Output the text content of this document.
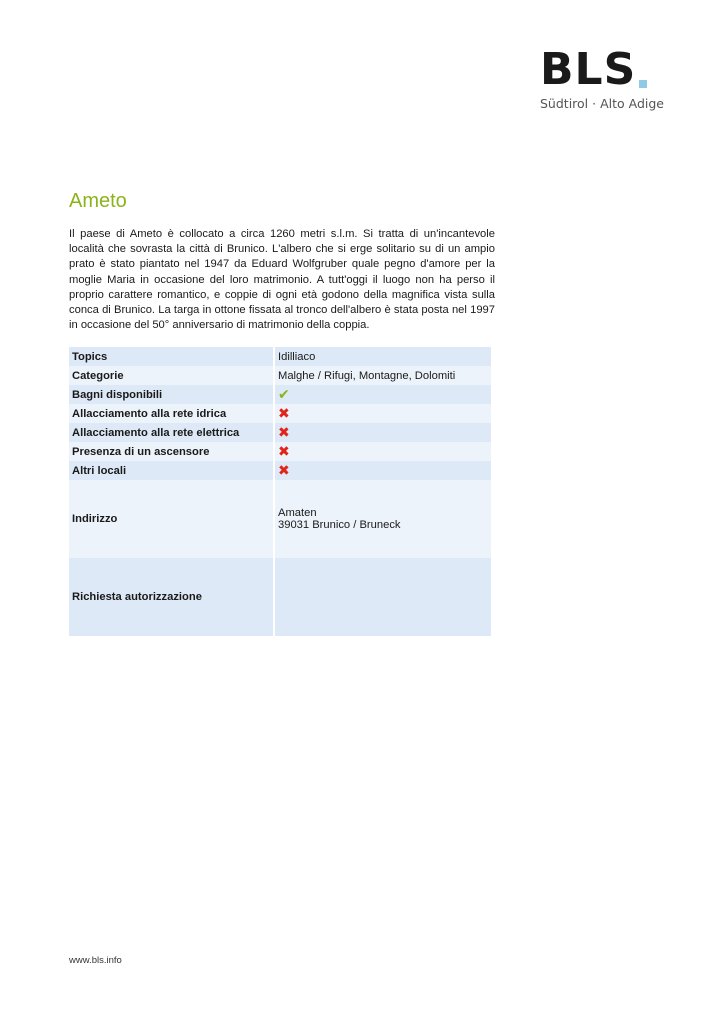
BLS
Südtirol · Alto Adige
Ameto

Il paese di Ameto è collocato a circa 1260 metri s.l.m. Si tratta di un'incantevole località che sovrasta la città di Brunico. L'albero che si erge solitario su di un ampio prato è stato piantato nel 1947 da Eduard Wolfgruber quale pegno d'amore per la moglie Maria in occasione del loro matrimonio. A tutt'oggi il luogo non ha perso il proprio carattere romantico, e coppie di ogni età godono della magnifica vista sulla conca di Brunico. La targa in ottone fissata al tronco dell'albero è stata posta nel 1997 in occasione del 50° anniversario di matrimonio della coppia.

Topics	Idilliaco
Categorie	Malghe / Rifugi, Montagne, Dolomiti
Bagni disponibili	✔
Allacciamento alla rete idrica	✖
Allacciamento alla rete elettrica	✖
Presenza di un ascensore	✖
Altri locali	✖
Indirizzo	Amaten
39031 Brunico / Bruneck

Richiesta autorizzazione	
www.bls.info
